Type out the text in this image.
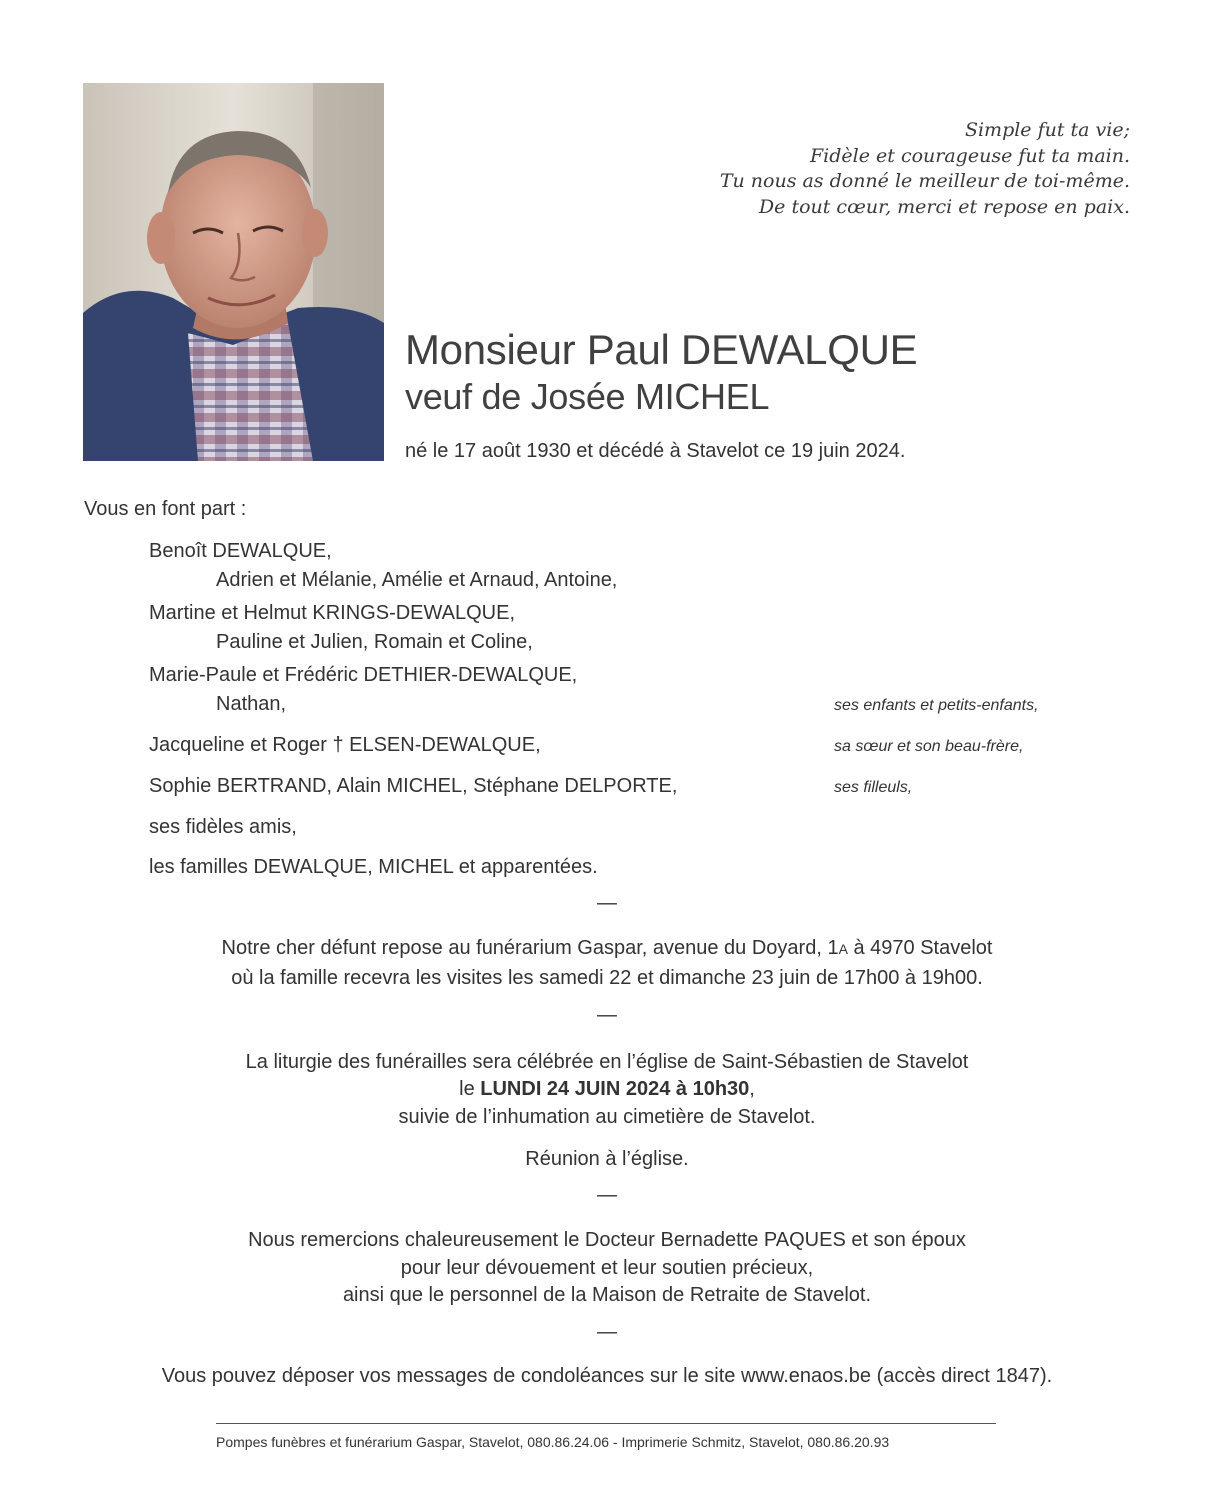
Simple fut ta vie;
Fidèle et courageuse fut ta main.
Tu nous as donné le meilleur de toi-même.
De tout cœur, merci et repose en paix.
Monsieur Paul DEWALQUE
veuf de Josée MICHEL
né le 17 août 1930 et décédé à Stavelot ce 19 juin 2024.
Vous en font part :
Benoît DEWALQUE,
Adrien et Mélanie, Amélie et Arnaud, Antoine,
Martine et Helmut KRINGS-DEWALQUE,
Pauline et Julien, Romain et Coline,
Marie-Paule et Frédéric DETHIER-DEWALQUE,
Nathan,	ses enfants et petits-enfants,
Jacqueline et Roger † ELSEN-DEWALQUE,	sa sœur et son beau-frère,
Sophie BERTRAND, Alain MICHEL, Stéphane DELPORTE,	ses filleuls,
ses fidèles amis,
les familles DEWALQUE, MICHEL et apparentées.
—
Notre cher défunt repose au funérarium Gaspar, avenue du Doyard, 1A à 4970 Stavelot
où la famille recevra les visites les samedi 22 et dimanche 23 juin de 17h00 à 19h00.
—
La liturgie des funérailles sera célébrée en l’église de Saint-Sébastien de Stavelot
le LUNDI 24 JUIN 2024 à 10h30,
suivie de l’inhumation au cimetière de Stavelot.
Réunion à l’église.
—
Nous remercions chaleureusement le Docteur Bernadette PAQUES et son époux
pour leur dévouement et leur soutien précieux,
ainsi que le personnel de la Maison de Retraite de Stavelot.
—
Vous pouvez déposer vos messages de condoléances sur le site www.enaos.be (accès direct 1847).
Pompes funèbres et funérarium Gaspar, Stavelot, 080.86.24.06 - Imprimerie Schmitz, Stavelot, 080.86.20.93
